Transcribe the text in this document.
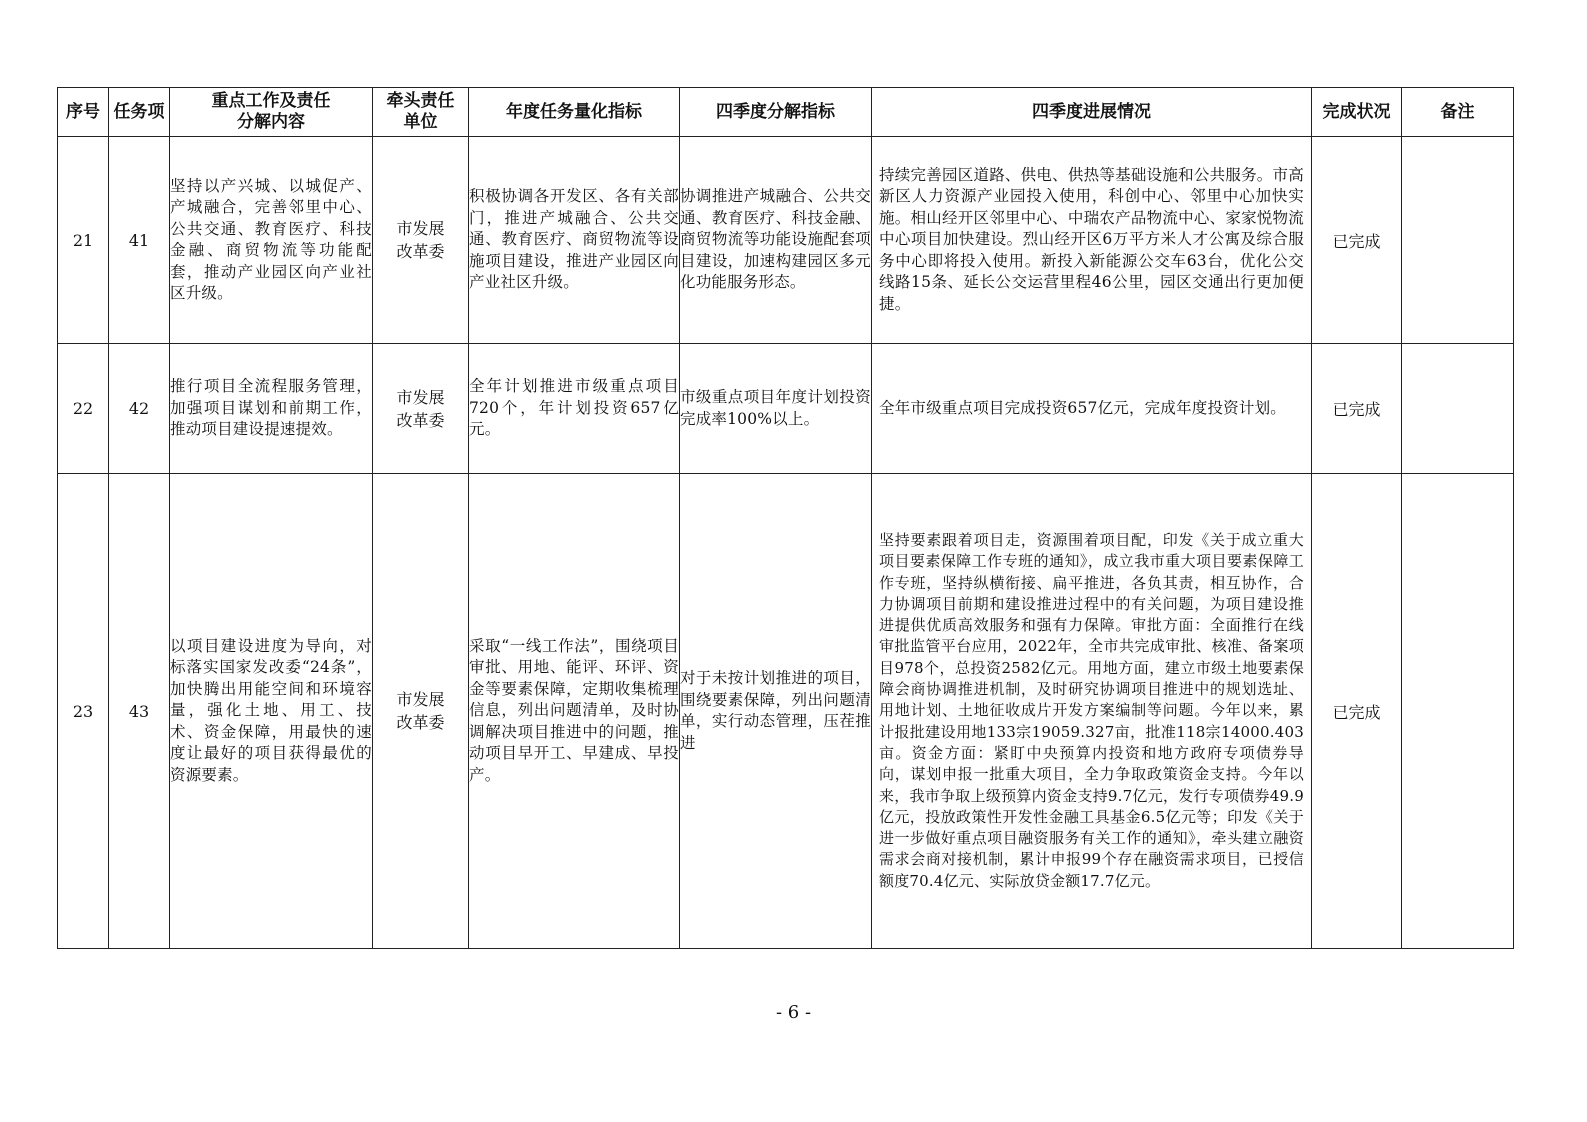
序号	任务项	重点工作及责任分解内容	牵头责任单位	年度任务量化指标	四季度分解指标	四季度进展情况	完成状况	备注
21	41	坚持以产兴城、以城促产、产城融合，完善邻里中心、公共交通、教育医疗、科技金融、商贸物流等功能配套，推动产业园区向产业社区升级。	市发展改革委	积极协调各开发区、各有关部门，推进产城融合、公共交通、教育医疗、商贸物流等设施项目建设，推进产业园区向产业社区升级。	协调推进产城融合、公共交通、教育医疗、科技金融、商贸物流等功能设施配套项目建设，加速构建园区多元化功能服务形态。	持续完善园区道路、供电、供热等基础设施和公共服务。市高新区人力资源产业园投入使用，科创中心、邻里中心加快实施。相山经开区邻里中心、中瑞农产品物流中心、家家悦物流中心项目加快建设。烈山经开区6万平方米人才公寓及综合服务中心即将投入使用。新投入新能源公交车63台，优化公交线路15条、延长公交运营里程46公里，园区交通出行更加便捷。	已完成	
22	42	推行项目全流程服务管理，加强项目谋划和前期工作，推动项目建设提速提效。	市发展改革委	全年计划推进市级重点项目720个，年计划投资657亿元。	市级重点项目年度计划投资完成率100%以上。	全年市级重点项目完成投资657亿元，完成年度投资计划。	已完成	
23	43	以项目建设进度为导向，对标落实国家发改委“24条”，加快腾出用能空间和环境容量，强化土地、用工、技术、资金保障，用最快的速度让最好的项目获得最优的资源要素。	市发展改革委	采取“一线工作法”，围绕项目审批、用地、能评、环评、资金等要素保障，定期收集梳理信息，列出问题清单，及时协调解决项目推进中的问题，推动项目早开工、早建成、早投产。	对于未按计划推进的项目，围绕要素保障，列出问题清单，实行动态管理，压茬推进	坚持要素跟着项目走，资源围着项目配，印发《关于成立重大项目要素保障工作专班的通知》，成立我市重大项目要素保障工作专班，坚持纵横衔接、扁平推进，各负其责，相互协作，合力协调项目前期和建设推进过程中的有关问题，为项目建设推进提供优质高效服务和强有力保障。审批方面：全面推行在线审批监管平台应用，2022年，全市共完成审批、核准、备案项目978个，总投资2582亿元。用地方面，建立市级土地要素保障会商协调推进机制，及时研究协调项目推进中的规划选址、用地计划、土地征收成片开发方案编制等问题。今年以来，累计报批建设用地133宗19059.327亩，批准118宗14000.403亩。资金方面：紧盯中央预算内投资和地方政府专项债券导向，谋划申报一批重大项目，全力争取政策资金支持。今年以来，我市争取上级预算内资金支持9.7亿元，发行专项债券49.9亿元，投放政策性开发性金融工具基金6.5亿元等；印发《关于进一步做好重点项目融资服务有关工作的通知》，牵头建立融资需求会商对接机制，累计申报99个存在融资需求项目，已授信额度70.4亿元、实际放贷金额17.7亿元。	已完成	
- 6 -
